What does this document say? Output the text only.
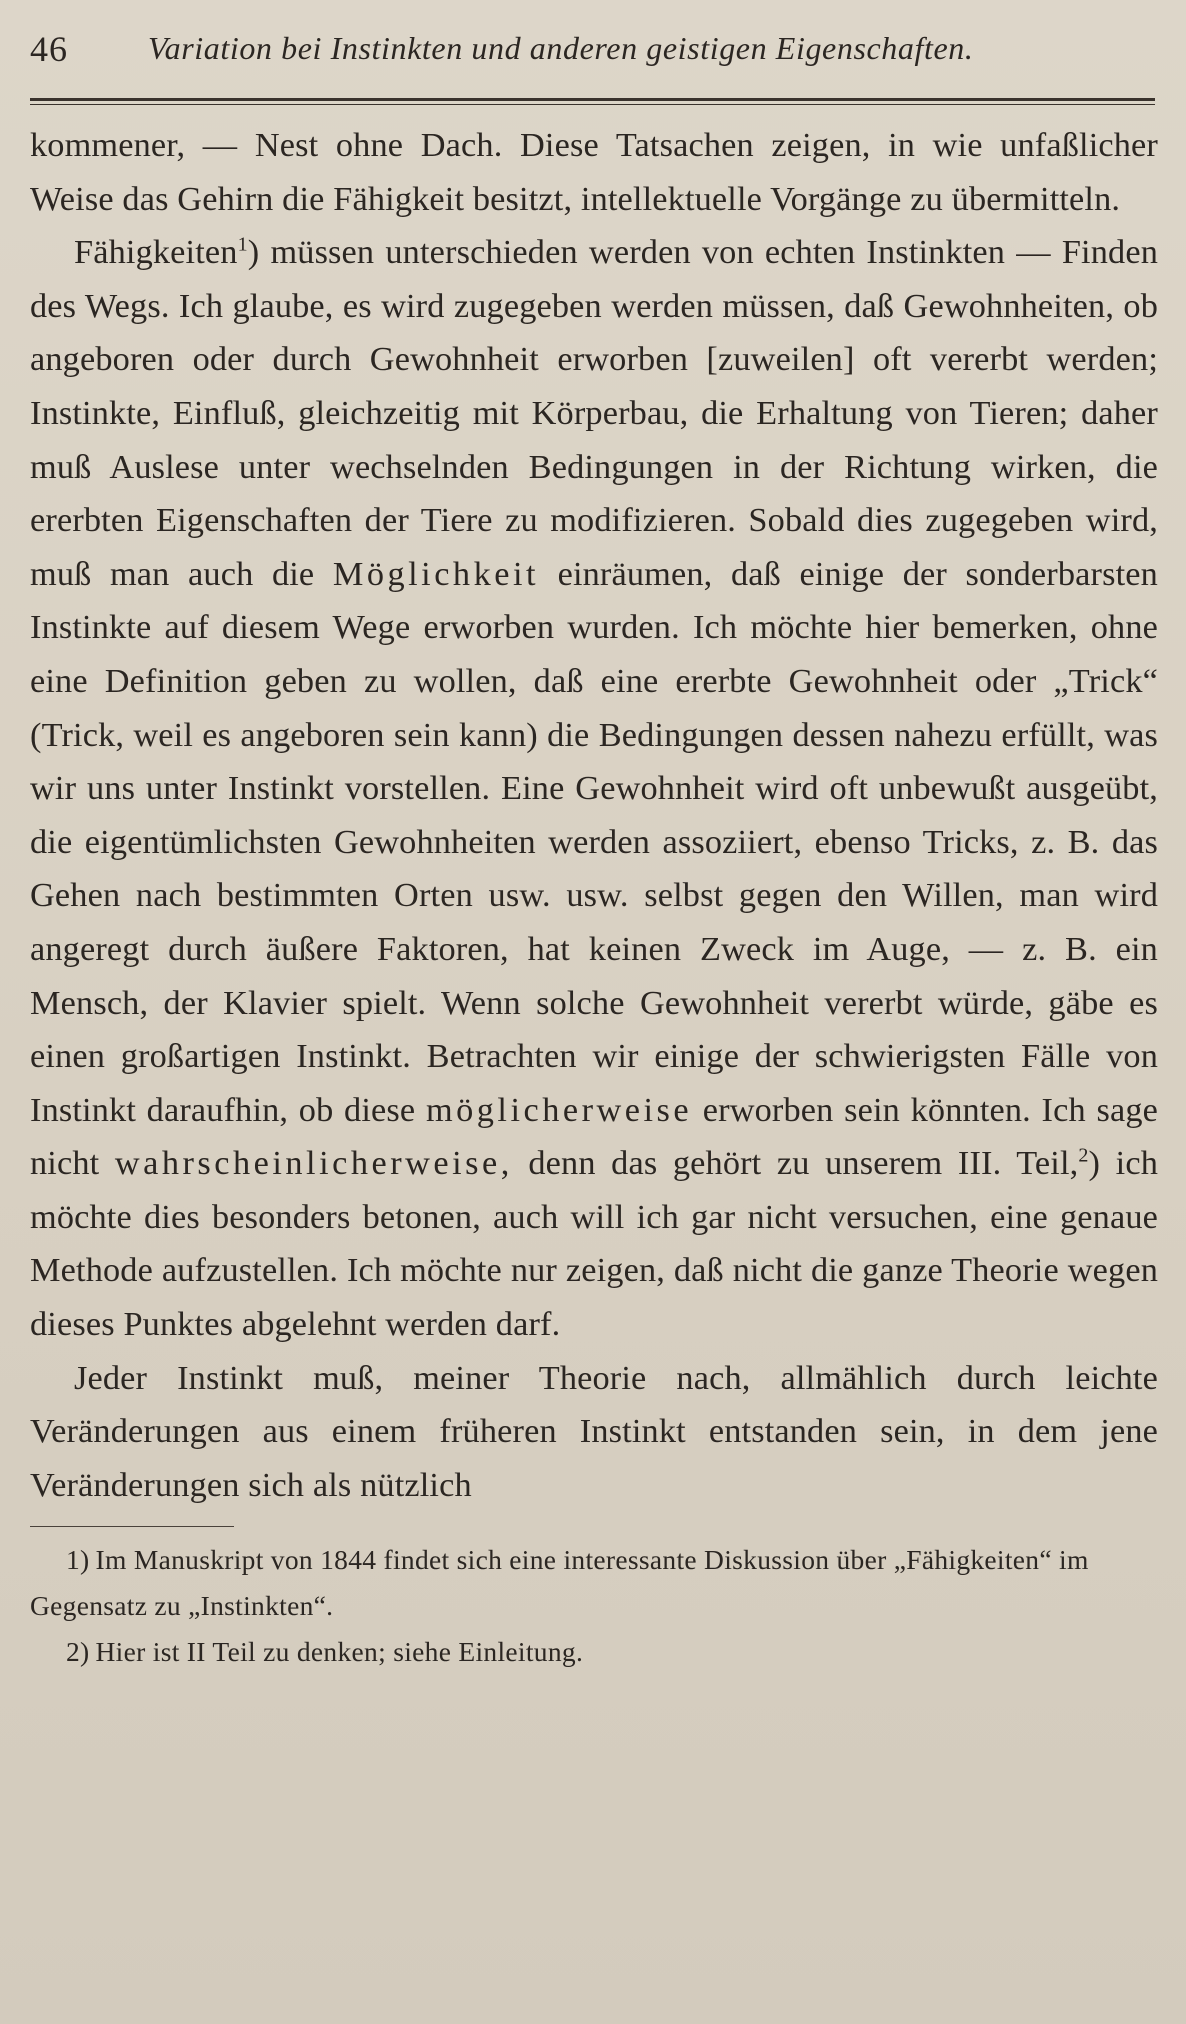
46	Variation bei Instinkten und anderen geistigen Eigenschaften.

kommener, — Nest ohne Dach. Diese Tatsachen zeigen, in wie unfaßlicher Weise das Gehirn die Fähigkeit besitzt, intellektuelle Vorgänge zu übermitteln.

Fähigkeiten$^1$) müssen unterschieden werden von echten Instinkten — Finden des Wegs. Ich glaube, es wird zugegeben werden müssen, daß Gewohnheiten, ob angeboren oder durch Gewohnheit erworben [zuweilen] oft vererbt werden; Instinkte, Einfluß, gleichzeitig mit Körperbau, die Erhaltung von Tieren; daher muß Auslese unter wechselnden Bedingungen in der Richtung wirken, die ererbten Eigenschaften der Tiere zu modifizieren. Sobald dies zugegeben wird, muß man auch die Möglichkeit einräumen, daß einige der sonderbarsten Instinkte auf diesem Wege erworben wurden. Ich möchte hier bemerken, ohne eine Definition geben zu wollen, daß eine ererbte Gewohnheit oder „Trick“ (Trick, weil es angeboren sein kann) die Bedingungen dessen nahezu erfüllt, was wir uns unter Instinkt vorstellen. Eine Gewohnheit wird oft unbewußt ausgeübt, die eigentümlichsten Gewohnheiten werden assoziiert, ebenso Tricks, z. B. das Gehen nach bestimmten Orten usw. usw. selbst gegen den Willen, man wird angeregt durch äußere Faktoren, hat keinen Zweck im Auge, — z. B. ein Mensch, der Klavier spielt. Wenn solche Gewohnheit vererbt würde, gäbe es einen großartigen Instinkt. Betrachten wir einige der schwierigsten Fälle von Instinkt daraufhin, ob diese möglicherweise erworben sein könnten. Ich sage nicht wahrscheinlicherweise, denn das gehört zu unserem III. Teil,$^2$) ich möchte dies besonders betonen, auch will ich gar nicht versuchen, eine genaue Methode aufzustellen. Ich möchte nur zeigen, daß nicht die ganze Theorie wegen dieses Punktes abgelehnt werden darf.

Jeder Instinkt muß, meiner Theorie nach, allmählich durch leichte Veränderungen aus einem früheren Instinkt entstanden sein, in dem jene Veränderungen sich als nützlich

1) Im Manuskript von 1844 findet sich eine interessante Diskussion über „Fähigkeiten“ im Gegensatz zu „Instinkten“.

2) Hier ist II Teil zu denken; siehe Einleitung.
